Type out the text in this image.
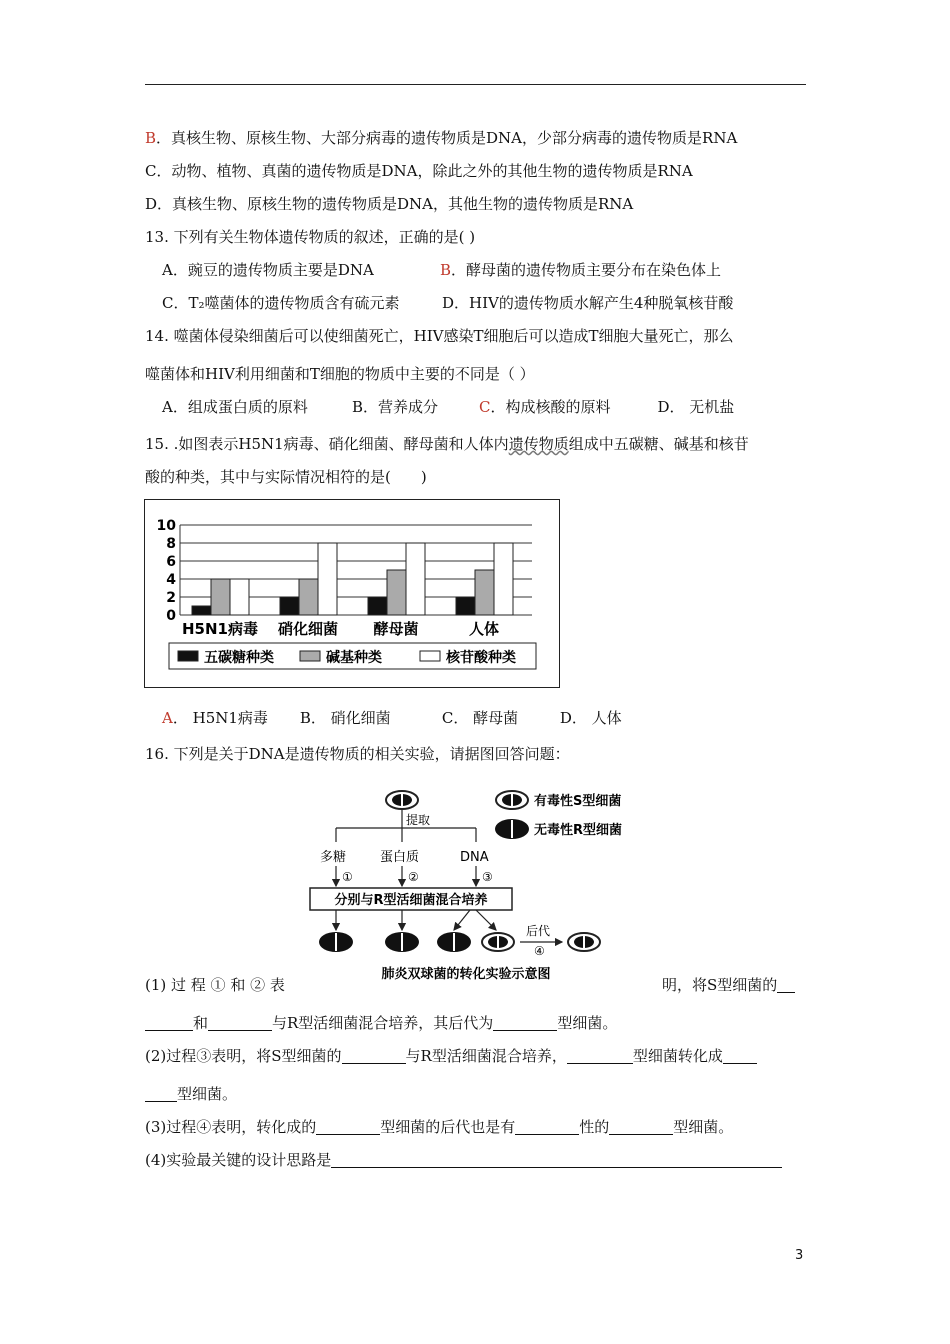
B．真核生物、原核生物、大部分病毒的遗传物质是DNA，少部分病毒的遗传物质是RNA
C．动物、植物、真菌的遗传物质是DNA，除此之外的其他生物的遗传物质是RNA
D．真核生物、原核生物的遗传物质是DNA，其他生物的遗传物质是RNA
13. 下列有关生物体遗传物质的叙述，正确的是( )
A．豌豆的遗传物质主要是DNA	B．酵母菌的遗传物质主要分布在染色体上
C．T₂噬菌体的遗传物质含有硫元素	D．HIV的遗传物质水解产生4种脱氧核苷酸
14. 噬菌体侵染细菌后可以使细菌死亡，HIV感染T细胞后可以造成T细胞大量死亡，那么
噬菌体和HIV利用细菌和T细胞的物质中主要的不同是（ ）
A．组成蛋白质的原料	B．营养成分	C．构成核酸的原料	D． 无机盐
15. .如图表示H5N1病毒、硝化细菌、酵母菌和人体内遗传物质组成中五碳糖、碱基和核苷
酸的种类，其中与实际情况相符的是(　　)
0
2
4
6
8
10
H5N1病毒 硝化细菌 酵母菌	人体
五碳糖种类	碱基种类	核苷酸种类
A． H5N1病毒 B． 硝化细菌	C． 酵母菌	D． 人体
16. 下列是关于DNA是遗传物质的相关实验，请据图回答问题：
提取
多糖	蛋白质	DNA
①	②	③
分别与R型活细菌混合培养
后代
④
有毒性S型细菌
无毒性R型细菌
肺炎双球菌的转化实验示意图
(1) 过 程 ① 和 ② 表	明，将S型细菌的
和	与R型活细菌混合培养，其后代为	型细菌。
(2)过程③表明，将S型细菌的	与R型活细菌混合培养，	型细菌转化成
型细菌。
(3)过程④表明，转化成的	型细菌的后代也是有	性的	型细菌。
(4)实验最关键的设计思路是
3
